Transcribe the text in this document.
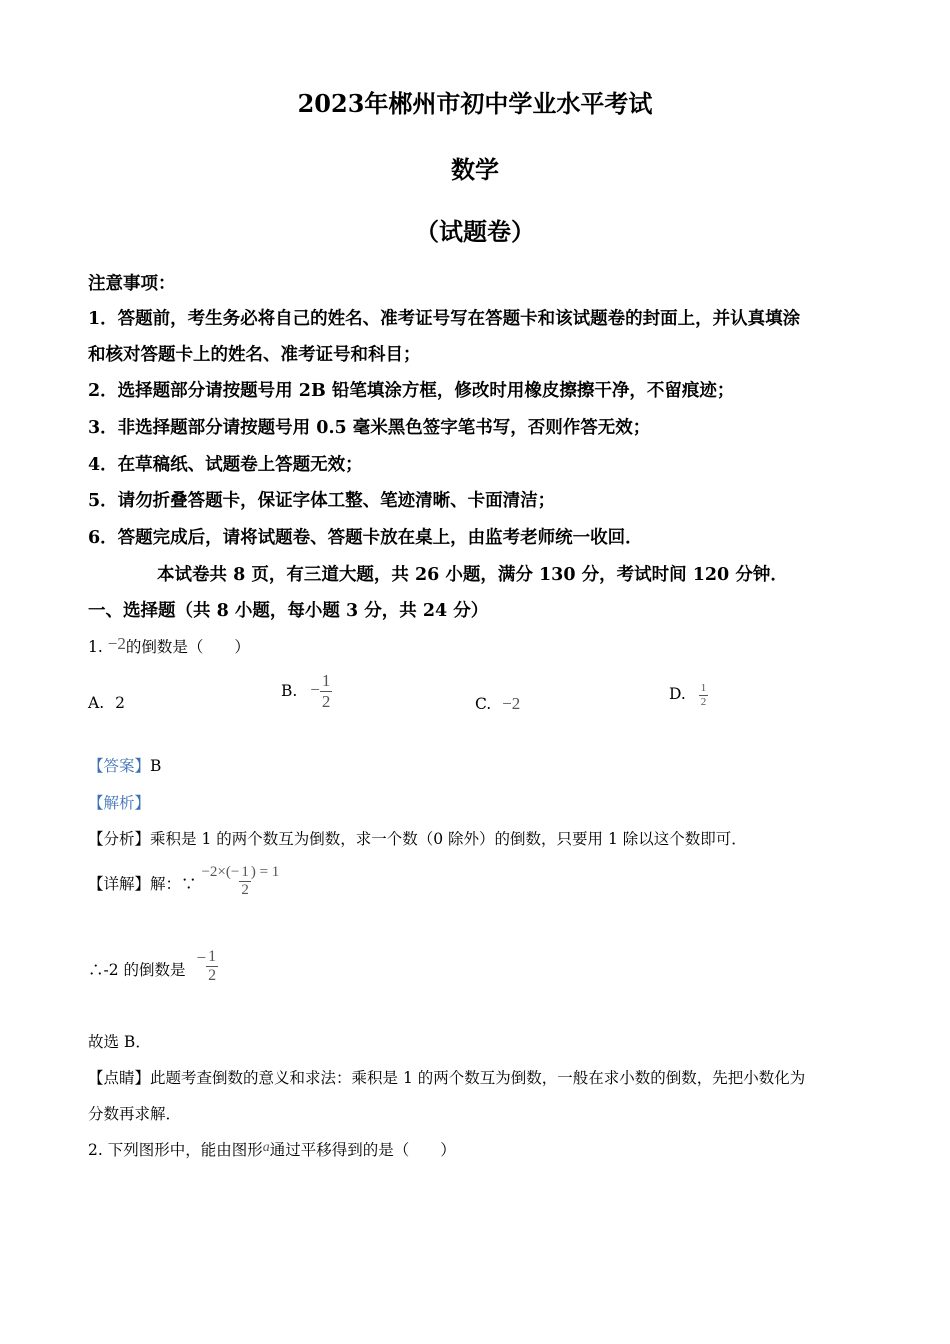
2023年郴州市初中学业水平考试
数学
（试题卷）
注意事项：
1．答题前，考生务必将自己的姓名、准考证号写在答题卡和该试题卷的封面上，并认真填涂
和核对答题卡上的姓名、准考证号和科目；
2．选择题部分请按题号用 2B 铅笔填涂方框，修改时用橡皮擦擦干净，不留痕迹；
3．非选择题部分请按题号用 0.5 毫米黑色签字笔书写，否则作答无效；
4．在草稿纸、试题卷上答题无效；
5．请勿折叠答题卡，保证字体工整、笔迹清晰、卡面清洁；
6．答题完成后，请将试题卷、答题卡放在桌上，由监考老师统一收回．
本试卷共 8 页，有三道大题，共 26 小题，满分 130 分，考试时间 120 分钟．
一、选择题（共 8 小题，每小题 3 分，共 24 分）
1. −2的倒数是（　　）
A. 2
B. − $\frac{1}{2}$	C. −2	D. $\frac{1}{2}$
【答案】B
【解析】
【分析】乘积是 1 的两个数互为倒数，求一个数（0 除外）的倒数，只要用 1 除以这个数即可．
【详解】解：∵ $-2\times(- \frac{1}{2}$ ) = 1
∴-2 的倒数是 − $\frac{1}{2}$
故选 B．
【点睛】此题考查倒数的意义和求法：乘积是 1 的两个数互为倒数，一般在求小数的倒数，先把小数化为
分数再求解．
2. 下列图形中，能由图形a通过平移得到的是（　　）
